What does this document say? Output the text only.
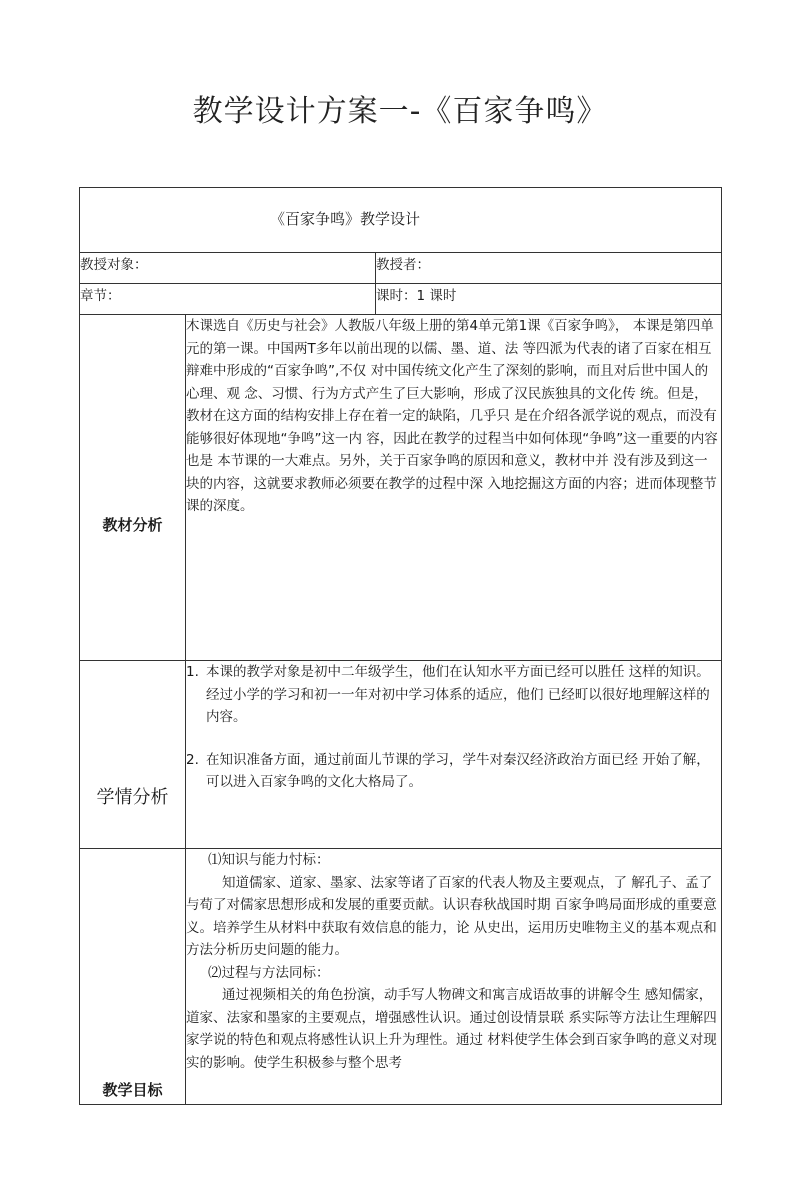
教学设计方案一-《百家争鸣》
《百家争鸣》教学设计		

教授对象：		教授者：
章节：		课时：1 课时
教材分析	木课选自《历史与社会》人教版八年级上册的第4单元第1课《百家争鸣》， 本课是第四单元的第一课。中国两T多年以前出现的以儒、墨、道、法 等四派为代表的诸了百家在相互辩难中形成的“百家争鸣”,不仅 对中国传统文化产生了深刻的影响，而且对后世中国人的心理、观 念、习惯、行为方式产生了巨大影响，形成了汉民族独具的文化传 统。但是，教材在这方面的结构安排上存在着一定的缺陷，几乎只 是在介绍各派学说的观点，而没有能够很好体现地“争鸣”这一内 容，因此在教学的过程当中如何体现“争鸣”这一重要的内容也是 本节课的一大难点。另外，关于百家争鸣的原因和意义，教材中并 没有涉及到这一块的内容，这就要求教师必须要在教学的过程中深 入地挖掘这方面的内容；进而体现整节课的深度。	

学情分析	1. 本课的教学对象是初中二年级学生，他们在认知水平方面已经可以胜任 这样的知识。经过小学的学习和初一一年对初中学习体系的适应，他们 已经町以很好地理解这样的内容。
2. 在知识准备方面，通过前面儿节课的学习，学牛对秦汉经济政治方面已经 开始了解，可以进入百家争鸣的文化大格局了。	

教学目标	⑴知识与能力忖标：

知道儒家、道家、墨家、法家等诸了百家的代表人物及主要观点，了 解孔子、孟了与荀了对儒家思想形成和发展的重要贡献。认识春秋战国时期 百家争鸣局面形成的重要意义。培养学生从材料中获取有效信息的能力，论 从史出，运用历史唯物主义的基本观点和方法分析历史问题的能力。

⑵过程与方法同标：

通过视频相关的角色扮演，动手写人物碑文和寓言成语故事的讲解令生 感知儒家，道家、法家和墨家的主要观点，增强感性认识。通过创设情景联 系实际等方法让生理解四家学说的特色和观点将感性认识上升为理性。通过 材料使学生体会到百家争鸣的意义对现实的影响。使学生积极参与整个思考	
